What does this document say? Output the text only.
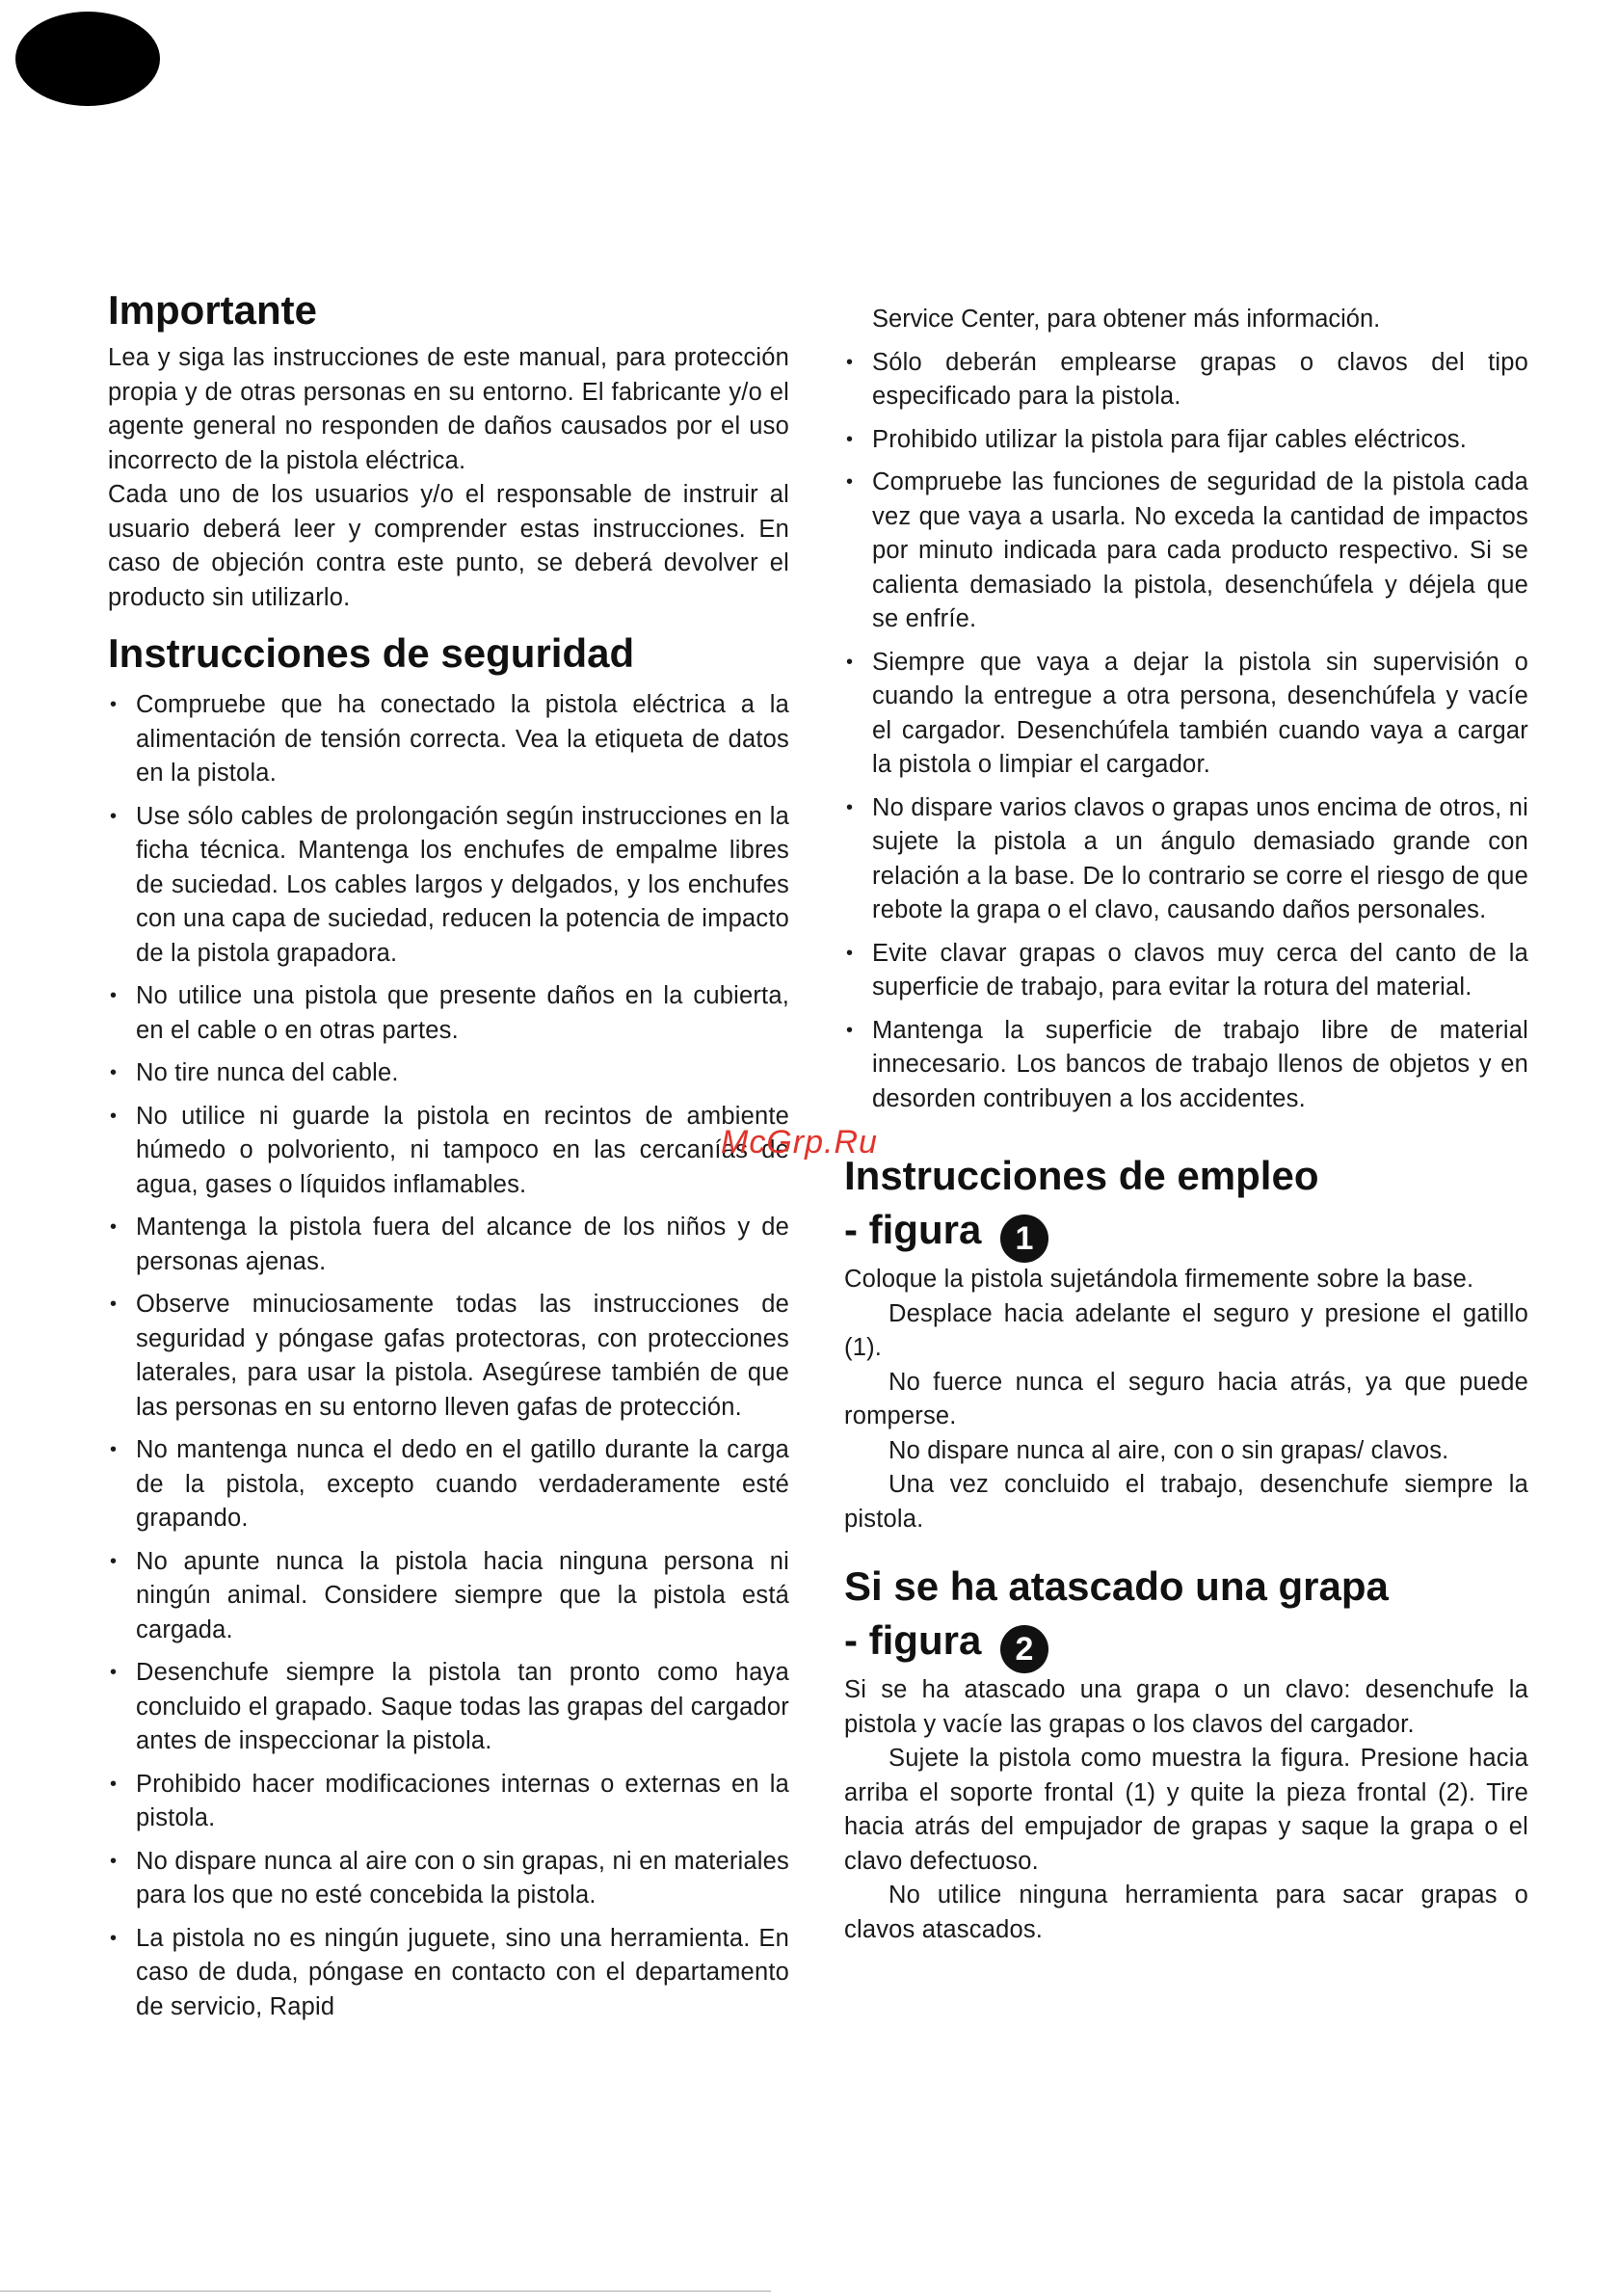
Importante

Lea y siga las instrucciones de este manual, para protección propia y de otras personas en su entorno. El fabricante y/o el agente general no responden de daños causados por el uso incorrecto de la pistola eléctrica.

Cada uno de los usuarios y/o el responsable de instruir al usuario deberá leer y comprender estas instrucciones. En caso de objeción contra este punto, se deberá devolver el producto sin utilizarlo.

Instrucciones de seguridad
• Compruebe que ha conectado la pistola eléctrica a la alimentación de tensión correcta. Vea la etiqueta de datos en la pistola.
• Use sólo cables de prolongación según instrucciones en la ficha técnica. Mantenga los enchufes de empalme libres de suciedad. Los cables largos y delgados, y los enchufes con una capa de suciedad, reducen la potencia de impacto de la pistola grapadora.
• No utilice una pistola que presente daños en la cubierta, en el cable o en otras partes.
• No tire nunca del cable.
• No utilice ni guarde la pistola en recintos de ambiente húmedo o polvoriento, ni tampoco en las cercanías de agua, gases o líquidos inflamables.
• Mantenga la pistola fuera del alcance de los niños y de personas ajenas.
• Observe minuciosamente todas las instrucciones de seguridad y póngase gafas protectoras, con protecciones laterales, para usar la pistola. Asegúrese también de que las personas en su entorno lleven gafas de protección.
• No mantenga nunca el dedo en el gatillo durante la carga de la pistola, excepto cuando verdaderamente esté grapando.
• No apunte nunca la pistola hacia ninguna persona ni ningún animal. Considere siempre que la pistola está cargada.
• Desenchufe siempre la pistola tan pronto como haya concluido el grapado. Saque todas las grapas del cargador antes de inspeccionar la pistola.
• Prohibido hacer modificaciones internas o externas en la pistola.
• No dispare nunca al aire con o sin grapas, ni en materiales para los que no esté concebida la pistola.
• La pistola no es ningún juguete, sino una herramienta. En caso de duda, póngase en contacto con el departamento de servicio, Rapid
Service Center, para obtener más información.
• Sólo deberán emplearse grapas o clavos del tipo especificado para la pistola.
• Prohibido utilizar la pistola para fijar cables eléctricos.
• Compruebe las funciones de seguridad de la pistola cada vez que vaya a usarla. No exceda la cantidad de impactos por minuto indicada para cada producto respectivo. Si se calienta demasiado la pistola, desenchúfela y déjela que se enfríe.
• Siempre que vaya a dejar la pistola sin supervisión o cuando la entregue a otra persona, desenchúfela y vacíe el cargador. Desenchúfela también cuando vaya a cargar la pistola o limpiar el cargador.
• No dispare varios clavos o grapas unos encima de otros, ni sujete la pistola a un ángulo demasiado grande con relación a la base. De lo contrario se corre el riesgo de que rebote la grapa o el clavo, causando daños personales.
• Evite clavar grapas o clavos muy cerca del canto de la superficie de trabajo, para evitar la rotura del material.
• Mantenga la superficie de trabajo libre de material innecesario. Los bancos de trabajo llenos de objetos y en desorden contribuyen a los accidentes.
Instrucciones de empleo
- figura 1

Coloque la pistola sujetándola firmemente sobre la base.

Desplace hacia adelante el seguro y presione el gatillo (1).

No fuerce nunca el seguro hacia atrás, ya que puede romperse.

No dispare nunca al aire, con o sin grapas/ clavos.

Una vez concluido el trabajo, desenchufe siempre la pistola.

Si se ha atascado una grapa
- figura 2

Si se ha atascado una grapa o un clavo: desenchufe la pistola y vacíe las grapas o los clavos del cargador.

Sujete la pistola como muestra la figura. Presione hacia arriba el soporte frontal (1) y quite la pieza frontal (2). Tire hacia atrás del empujador de grapas y saque la grapa o el clavo defectuoso.

No utilice ninguna herramienta para sacar grapas o clavos atascados.

McGrp.Ru
